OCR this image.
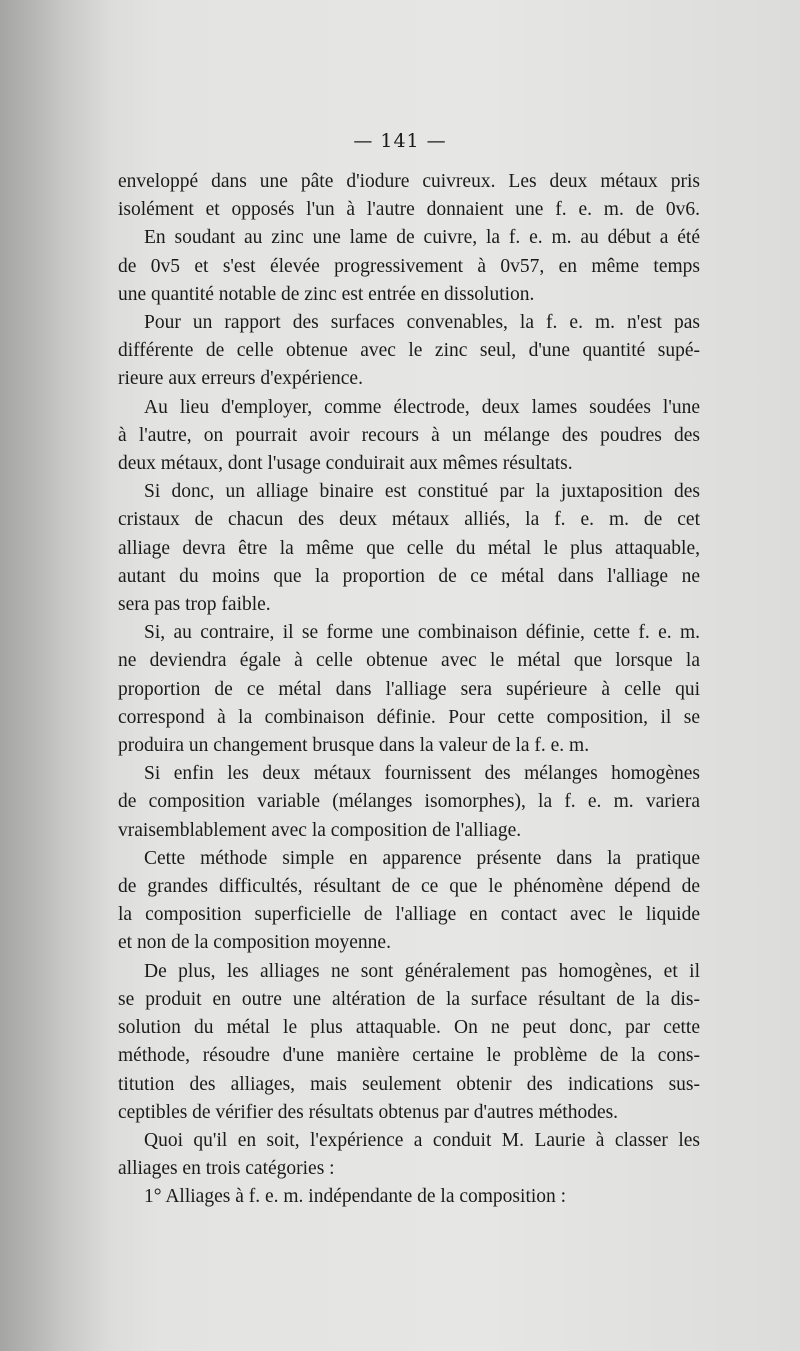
— 141 —
enveloppé dans une pâte d'iodure cuivreux. Les deux métaux pris
isolément et opposés l'un à l'autre donnaient une f. e. m. de 0v6.
En soudant au zinc une lame de cuivre, la f. e. m. au début a été
de 0v5 et s'est élevée progressivement à 0v57, en même temps
une quantité notable de zinc est entrée en dissolution.
Pour un rapport des surfaces convenables, la f. e. m. n'est pas
différente de celle obtenue avec le zinc seul, d'une quantité supé-
rieure aux erreurs d'expérience.
Au lieu d'employer, comme électrode, deux lames soudées l'une
à l'autre, on pourrait avoir recours à un mélange des poudres des
deux métaux, dont l'usage conduirait aux mêmes résultats.
Si donc, un alliage binaire est constitué par la juxtaposition des
cristaux de chacun des deux métaux alliés, la f. e. m. de cet
alliage devra être la même que celle du métal le plus attaquable,
autant du moins que la proportion de ce métal dans l'alliage ne
sera pas trop faible.
Si, au contraire, il se forme une combinaison définie, cette f. e. m.
ne deviendra égale à celle obtenue avec le métal que lorsque la
proportion de ce métal dans l'alliage sera supérieure à celle qui
correspond à la combinaison définie. Pour cette composition, il se
produira un changement brusque dans la valeur de la f. e. m.
Si enfin les deux métaux fournissent des mélanges homogènes
de composition variable (mélanges isomorphes), la f. e. m. variera
vraisemblablement avec la composition de l'alliage.
Cette méthode simple en apparence présente dans la pratique
de grandes difficultés, résultant de ce que le phénomène dépend de
la composition superficielle de l'alliage en contact avec le liquide
et non de la composition moyenne.
De plus, les alliages ne sont généralement pas homogènes, et il
se produit en outre une altération de la surface résultant de la dis-
solution du métal le plus attaquable. On ne peut donc, par cette
méthode, résoudre d'une manière certaine le problème de la cons-
titution des alliages, mais seulement obtenir des indications sus-
ceptibles de vérifier des résultats obtenus par d'autres méthodes.
Quoi qu'il en soit, l'expérience a conduit M. Laurie à classer les
alliages en trois catégories :
1° Alliages à f. e. m. indépendante de la composition :
